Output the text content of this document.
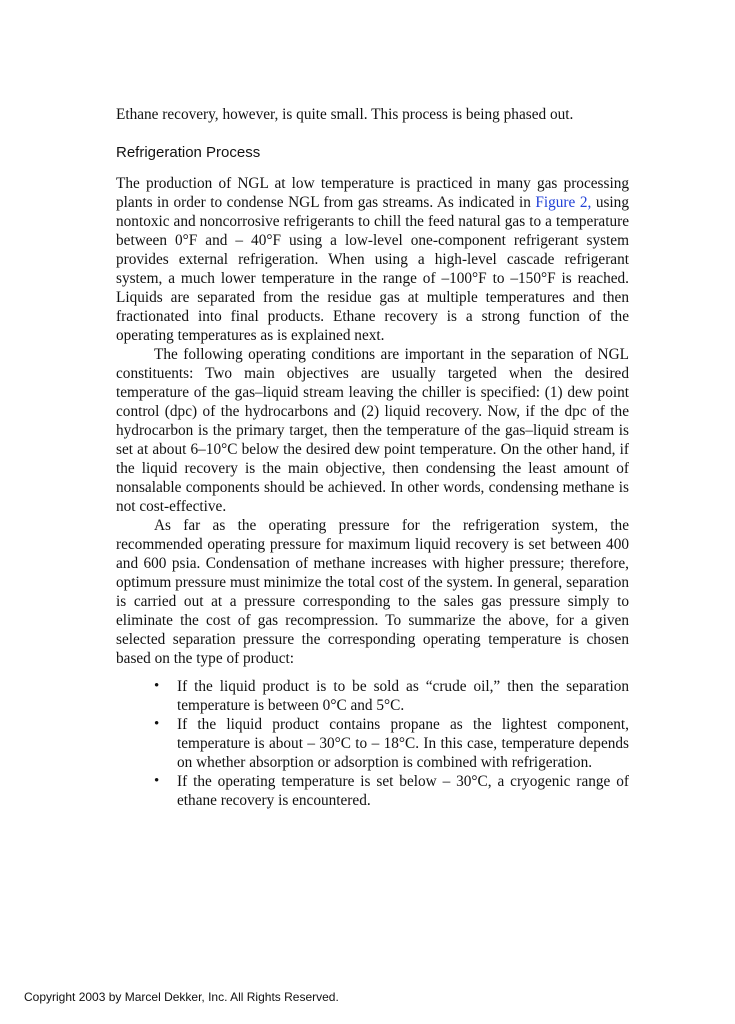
Ethane recovery, however, is quite small. This process is being phased out.

Refrigeration Process

The production of NGL at low temperature is practiced in many gas processing plants in order to condense NGL from gas streams. As indicated in Figure 2, using nontoxic and noncorrosive refrigerants to chill the feed natural gas to a temperature between 0°F and – 40°F using a low-level one-component refrigerant system provides external refrigeration. When using a high-level cascade refrigerant system, a much lower temperature in the range of –100°F to –150°F is reached. Liquids are separated from the residue gas at multiple temperatures and then fractionated into final products. Ethane recovery is a strong function of the operating temperatures as is explained next.

The following operating conditions are important in the separation of NGL constituents: Two main objectives are usually targeted when the desired temperature of the gas–liquid stream leaving the chiller is specified: (1) dew point control (dpc) of the hydrocarbons and (2) liquid recovery. Now, if the dpc of the hydrocarbon is the primary target, then the temperature of the gas–liquid stream is set at about 6–10°C below the desired dew point temperature. On the other hand, if the liquid recovery is the main objective, then condensing the least amount of nonsalable components should be achieved. In other words, condensing methane is not cost-effective.

As far as the operating pressure for the refrigeration system, the recommended operating pressure for maximum liquid recovery is set between 400 and 600 psia. Condensation of methane increases with higher pressure; therefore, optimum pressure must minimize the total cost of the system. In general, separation is carried out at a pressure corresponding to the sales gas pressure simply to eliminate the cost of gas recompression. To summarize the above, for a given selected separation pressure the corresponding operating temperature is chosen based on the type of product:

• If the liquid product is to be sold as “crude oil,” then the separation temperature is between 0°C and 5°C.
• If the liquid product contains propane as the lightest component, temperature is about – 30°C to – 18°C. In this case, temperature depends on whether absorption or adsorption is combined with refrigeration.
• If the operating temperature is set below – 30°C, a cryogenic range of ethane recovery is encountered.
Copyright 2003 by Marcel Dekker, Inc. All Rights Reserved.
